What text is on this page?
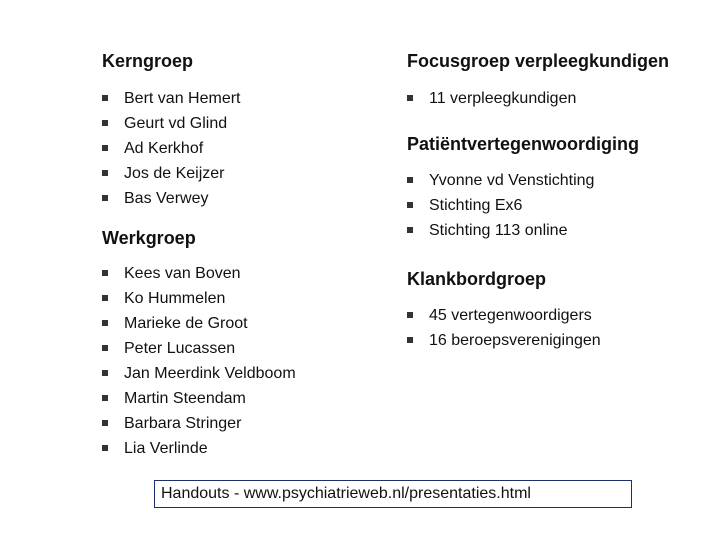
Kerngroep
Bert van Hemert
Geurt vd Glind
Ad Kerkhof
Jos de Keijzer
Bas Verwey
Werkgroep
Kees van Boven
Ko Hummelen
Marieke de Groot
Peter Lucassen
Jan Meerdink Veldboom
Martin Steendam
Barbara Stringer
Lia Verlinde
Focusgroep verpleegkundigen
11 verpleegkundigen
Patiëntvertegenwoordiging
Yvonne vd Venstichting
Stichting Ex6
Stichting 113 online
Klankbordgroep
45 vertegenwoordigers
16 beroepsverenigingen
Handouts - www.psychiatrieweb.nl/presentaties.html
